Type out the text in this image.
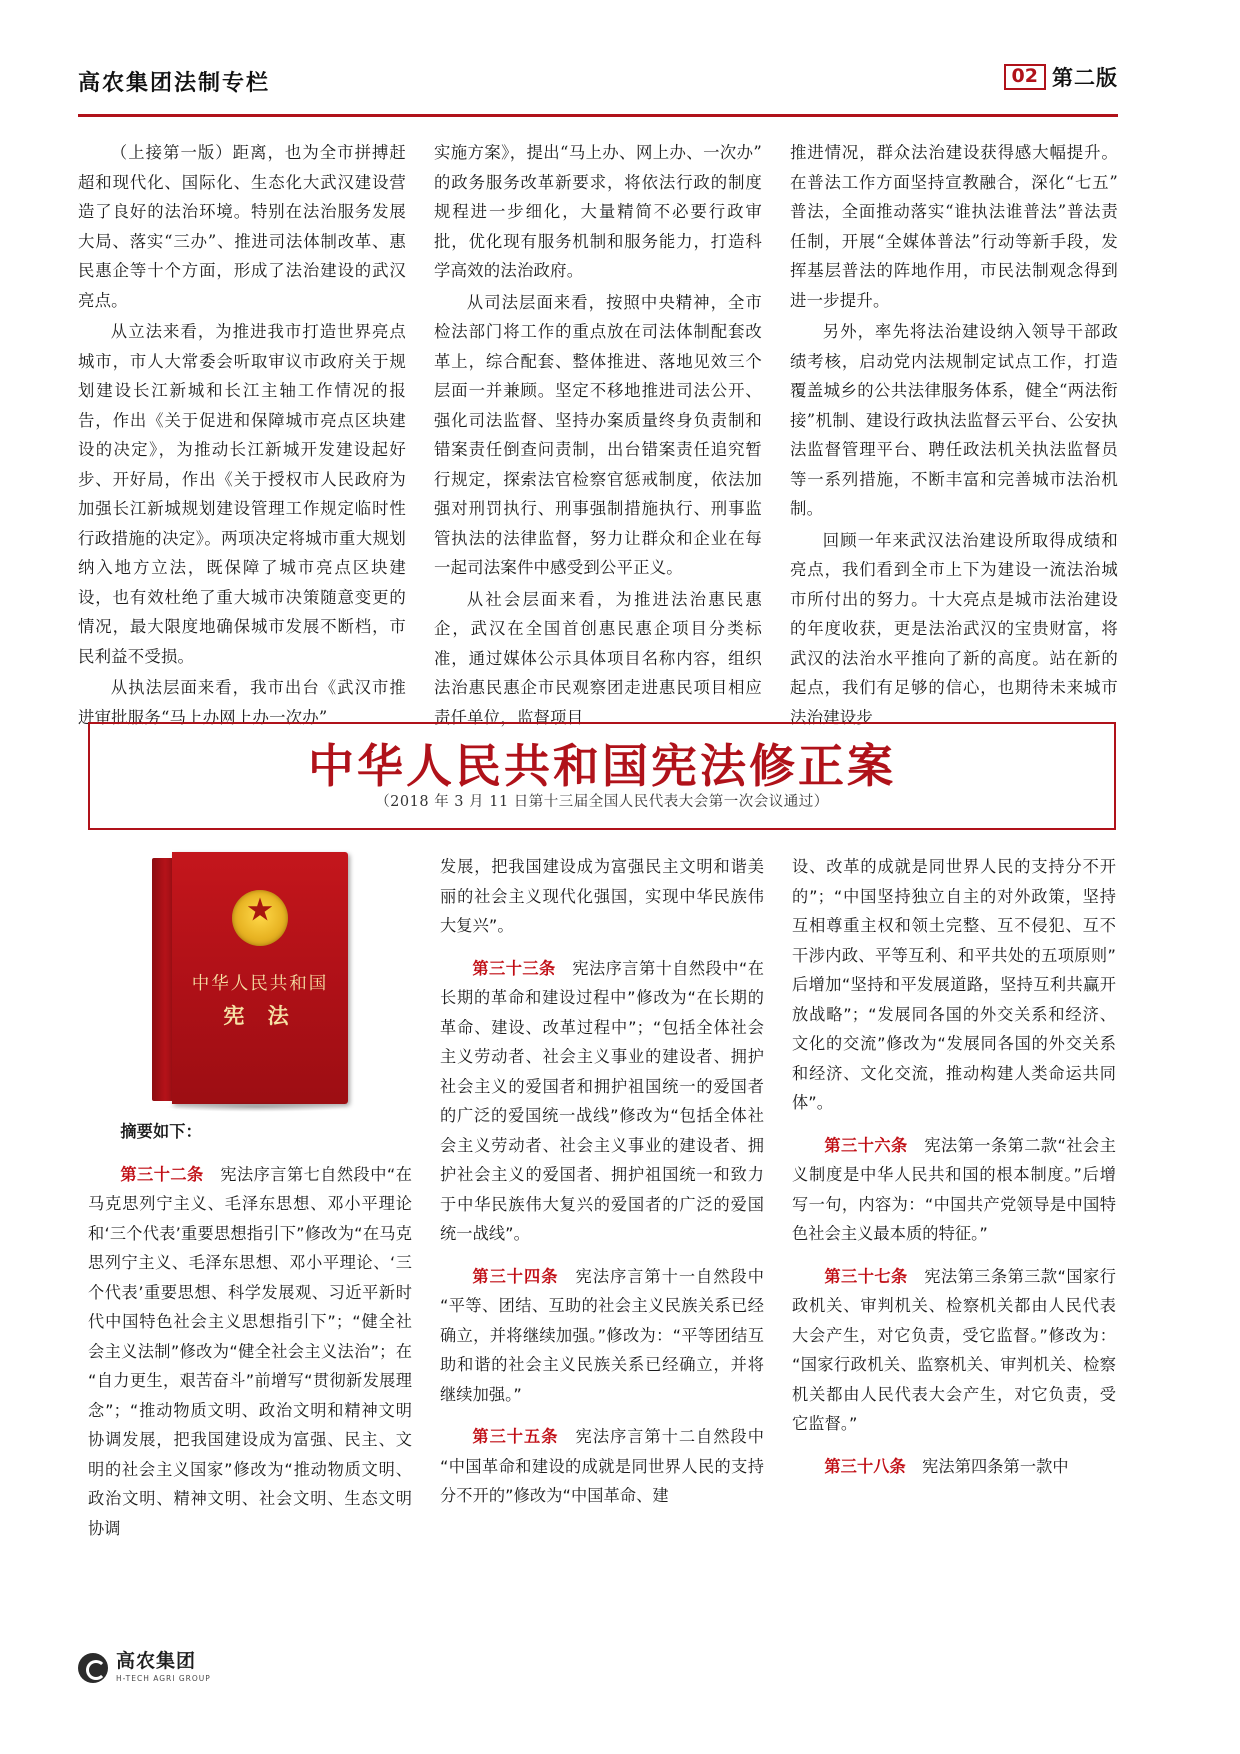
高农集团法制专栏	02 第二版

（上接第一版）距离，也为全市拼搏赶超和现代化、国际化、生态化大武汉建设营造了良好的法治环境。特别在法治服务发展大局、落实“三办”、推进司法体制改革、惠民惠企等十个方面，形成了法治建设的武汉亮点。

从立法来看，为推进我市打造世界亮点城市，市人大常委会听取审议市政府关于规划建设长江新城和长江主轴工作情况的报告，作出《关于促进和保障城市亮点区块建设的决定》，为推动长江新城开发建设起好步、开好局，作出《关于授权市人民政府为加强长江新城规划建设管理工作规定临时性行政措施的决定》。两项决定将城市重大规划纳入地方立法，既保障了城市亮点区块建设，也有效杜绝了重大城市决策随意变更的情况，最大限度地确保城市发展不断档，市民利益不受损。

从执法层面来看，我市出台《武汉市推进审批服务“马上办网上办一次办”

实施方案》，提出“马上办、网上办、一次办”的政务服务改革新要求，将依法行政的制度规程进一步细化，大量精简不必要行政审批，优化现有服务机制和服务能力，打造科学高效的法治政府。

从司法层面来看，按照中央精神，全市检法部门将工作的重点放在司法体制配套改革上，综合配套、整体推进、落地见效三个层面一并兼顾。坚定不移地推进司法公开、强化司法监督、坚持办案质量终身负责制和错案责任倒查问责制，出台错案责任追究暂行规定，探索法官检察官惩戒制度，依法加强对刑罚执行、刑事强制措施执行、刑事监管执法的法律监督，努力让群众和企业在每一起司法案件中感受到公平正义。

从社会层面来看，为推进法治惠民惠企，武汉在全国首创惠民惠企项目分类标准，通过媒体公示具体项目名称内容，组织法治惠民惠企市民观察团走进惠民项目相应责任单位，监督项目

推进情况，群众法治建设获得感大幅提升。在普法工作方面坚持宣教融合，深化“七五”普法，全面推动落实“谁执法谁普法”普法责任制，开展“全媒体普法”行动等新手段，发挥基层普法的阵地作用，市民法制观念得到进一步提升。

另外，率先将法治建设纳入领导干部政绩考核，启动党内法规制定试点工作，打造覆盖城乡的公共法律服务体系，健全“两法衔接”机制、建设行政执法监督云平台、公安执法监督管理平台、聘任政法机关执法监督员等一系列措施，不断丰富和完善城市法治机制。

回顾一年来武汉法治建设所取得成绩和亮点，我们看到全市上下为建设一流法治城市所付出的努力。十大亮点是城市法治建设的年度收获，更是法治武汉的宝贵财富，将武汉的法治水平推向了新的高度。站在新的起点，我们有足够的信心，也期待未来城市法治建设步

中华人民共和国宪法修正案
（2018 年 3 月 11 日第十三届全国人民代表大会第一次会议通过）
★
中华人民共和国
宪 法

摘要如下：

第三十二条　 宪法序言第七自然段中“在马克思列宁主义、毛泽东思想、邓小平理论和‘三个代表’重要思想指引下”修改为“在马克思列宁主义、毛泽东思想、邓小平理论、‘三个代表’重要思想、科学发展观、习近平新时代中国特色社会主义思想指引下”；“健全社会主义法制”修改为“健全社会主义法治”；在“自力更生，艰苦奋斗”前增写“贯彻新发展理念”；“推动物质文明、政治文明和精神文明协调发展，把我国建设成为富强、民主、文明的社会主义国家”修改为“推动物质文明、政治文明、精神文明、社会文明、生态文明协调

发展，把我国建设成为富强民主文明和谐美丽的社会主义现代化强国，实现中华民族伟大复兴”。

第三十三条　 宪法序言第十自然段中“在长期的革命和建设过程中”修改为“在长期的革命、建设、改革过程中”；“包括全体社会主义劳动者、社会主义事业的建设者、拥护社会主义的爱国者和拥护祖国统一的爱国者的广泛的爱国统一战线”修改为“包括全体社会主义劳动者、社会主义事业的建设者、拥护社会主义的爱国者、拥护祖国统一和致力于中华民族伟大复兴的爱国者的广泛的爱国统一战线”。

第三十四条　 宪法序言第十一自然段中“平等、团结、互助的社会主义民族关系已经确立，并将继续加强。”修改为：“平等团结互助和谐的社会主义民族关系已经确立，并将继续加强。”

第三十五条　 宪法序言第十二自然段中“中国革命和建设的成就是同世界人民的支持分不开的”修改为“中国革命、建

设、改革的成就是同世界人民的支持分不开的”；“中国坚持独立自主的对外政策，坚持互相尊重主权和领土完整、互不侵犯、互不干涉内政、平等互利、和平共处的五项原则”后增加“坚持和平发展道路，坚持互利共赢开放战略”；“发展同各国的外交关系和经济、文化的交流”修改为“发展同各国的外交关系和经济、文化交流，推动构建人类命运共同体”。

第三十六条　 宪法第一条第二款“社会主义制度是中华人民共和国的根本制度。”后增写一句，内容为：“中国共产党领导是中国特色社会主义最本质的特征。”

第三十七条　 宪法第三条第三款“国家行政机关、审判机关、检察机关都由人民代表大会产生，对它负责，受它监督。”修改为：“国家行政机关、监察机关、审判机关、检察机关都由人民代表大会产生，对它负责，受它监督。”

第三十八条　 宪法第四条第一款中

高农集团
H-TECH AGRI GROUP
